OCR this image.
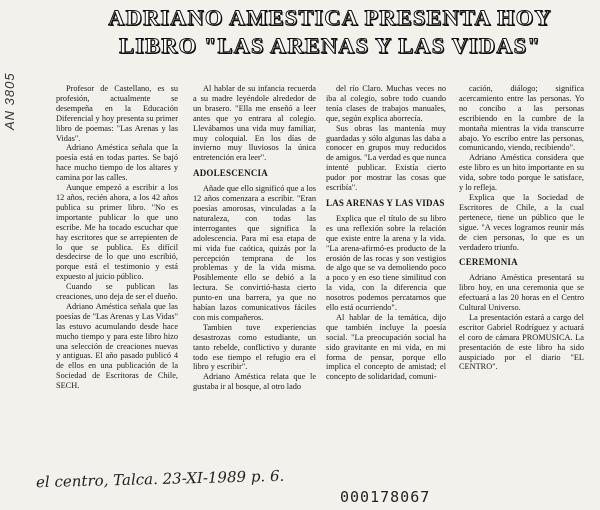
ADRIANO AMESTICA PRESENTA HOY
LIBRO "LAS ARENAS Y LAS VIDAS"
AN 3805	Profesor de Castellano, es su profesión, actualmente se desempeña en la Educación Diferencial y hoy presenta su primer libro de poemas: "Las Arenas y las Vidas".

Adriano Améstica señala que la poesía está en todas partes. Se bajó hace mucho tiempo de los altares y camina por las calles.

Aunque empezó a escribir a los 12 años, recién ahora, a los 42 años publica su primer libro. "No es importante publicar lo que uno escribe. Me ha tocado escuchar que hay escritores que se arrepienten de lo que se publica. Es difícil desdecirse de lo que uno escribió, porque está el testimonio y está expuesto al juicio público.

Cuando se publican las creaciones, uno deja de ser el dueño.

Adriano Améstica señala que las poesías de "Las Arenas y Las Vidas" las estuvo acumulando desde hace mucho tiempo y para este libro hizo una selección de creaciones nuevas y antiguas. El año pasado publicó 4 de ellos en una publicación de la Sociedad de Escritoras de Chile, SECH.

Al hablar de su infancia recuerda a su madre leyéndole alrededor de un brasero. "Ella me enseñó a leer antes que yo entrara al colegio. Llevábamos una vida muy familiar, muy coloquial. En los días de invierno muy lluviosos la única entretención era leer".

ADOLESCENCIA

Añade que ello significó que a los 12 años comenzara a escribir. "Eran poesías amorosas, vinculadas a la naturaleza, con todas las interrogantes que significa la adolescencia. Para mí esa etapa de mi vida fue caótica, quizás por la percepción temprana de los problemas y de la vida misma. Posiblemente ello se debió a la lectura. Se convirtió-hasta cierto punto-en una barrera, ya que no habían lazos comunicativos fáciles con mis compañeros.

Tambien tuve experiencias desastrozas como estudiante, un tanto rebelde, conflictivo y durante todo ese tiempo el refugio era el libro y escribir".

Adriano Améstica relata que le gustaba ir al bosque, al otro lado

del río Claro. Muchas veces no iba al colegio, sobre todo cuando tenía clases de trabajos manuales, que, según explica aborrecía.

Sus obras las mantenía muy guardadas y sólo algunas las daba a conocer en grupos muy reducidos de amigos. "La verdad es que nunca intenté publicar. Existía cierto pudor por mostrar las cosas que escribía".

LAS ARENAS Y LAS VIDAS

Explica que el título de su libro es una reflexión sobre la relación que existe entre la arena y la vida. "La arena-afirmó-es producto de la erosión de las rocas y son vestigios de algo que se va demoliendo poco a poco y en eso tiene similitud con la vida, con la diferencia que nosotros podemos percatarnos que ello está ocurriendo".

Al hablar de la temática, dijo que también incluye la poesía social. "La preocupación social ha sido gravitante en mi vida, en mi forma de pensar, porque ello implica el concepto de amistad; el concepto de solidaridad, comuni-

cación, diálogo; significa acercamiento entre las personas. Yo no concibo a las personas escribiendo en la cumbre de la montaña mientras la vida transcurre abajo. Yo escribo entre las personas, comunicando, viendo, recibiendo".

Adriano Améstica considera que este libro es un hito importante en su vida, sobre todo porque le satisface, y lo refleja.

Explica que la Sociedad de Escritores de Chile, a la cual pertenece, tiene un público que le sigue. "A veces logramos reunir más de cien personas, lo que es un verdadero triunfo.

CEREMONIA

Adriano Améstica presentará su libro hoy, en una ceremonia que se efectuará a las 20 horas en el Centro Cultural Universo.

La presentación estará a cargo del escritor Gabriel Rodríguez y actuará el coro de cámara PROMUSICA. La presentación de este libro ha sido auspiciado por el diario "EL CENTRO".

el centro, Talca. 23-XI-1989 p. 6.
000178067
